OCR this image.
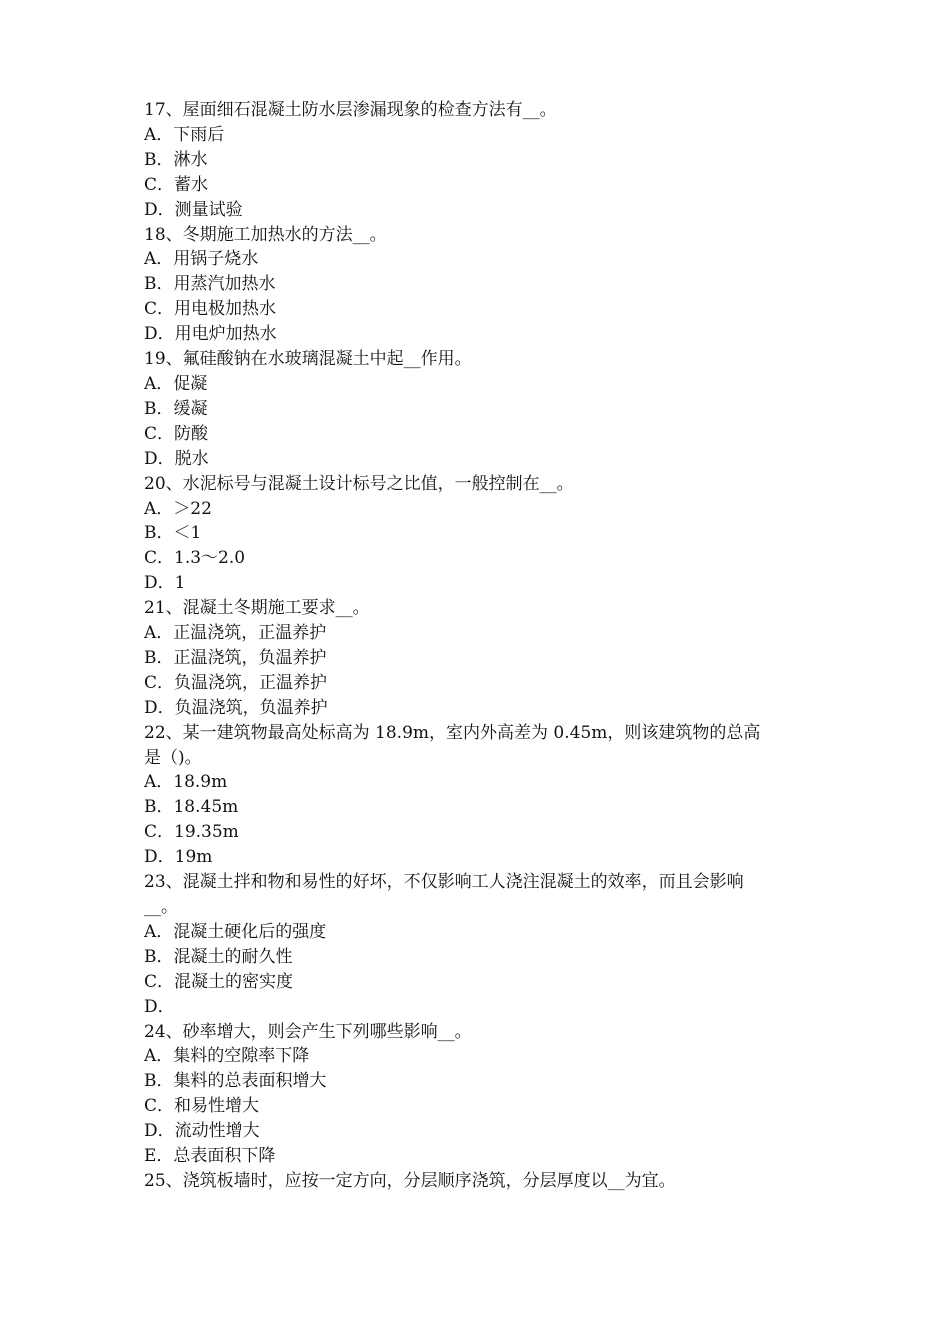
17、屋面细石混凝土防水层渗漏现象的检查方法有__。
A．下雨后
B．淋水
C．蓄水
D．测量试验
18、冬期施工加热水的方法__。
A．用锅子烧水
B．用蒸汽加热水
C．用电极加热水
D．用电炉加热水
19、氟硅酸钠在水玻璃混凝土中起__作用。
A．促凝
B．缓凝
C．防酸
D．脱水
20、水泥标号与混凝土设计标号之比值，一般控制在__。
A．＞22
B．＜1
C．1.3～2.0
D．1
21、混凝土冬期施工要求__。
A．正温浇筑，正温养护
B．正温浇筑，负温养护
C．负温浇筑，正温养护
D．负温浇筑，负温养护
22、某一建筑物最高处标高为 18.9m，室内外高差为 0.45m，则该建筑物的总高
是（)。
A．18.9m
B．18.45m
C．19.35m
D．19m
23、混凝土拌和物和易性的好坏，不仅影响工人浇注混凝土的效率，而且会影响
__。
A．混凝土硬化后的强度
B．混凝土的耐久性
C．混凝土的密实度
D．
24、砂率增大，则会产生下列哪些影响__。
A．集料的空隙率下降
B．集料的总表面积增大
C．和易性增大
D．流动性增大
E．总表面积下降
25、浇筑板墙时，应按一定方向，分层顺序浇筑，分层厚度以__为宜。
